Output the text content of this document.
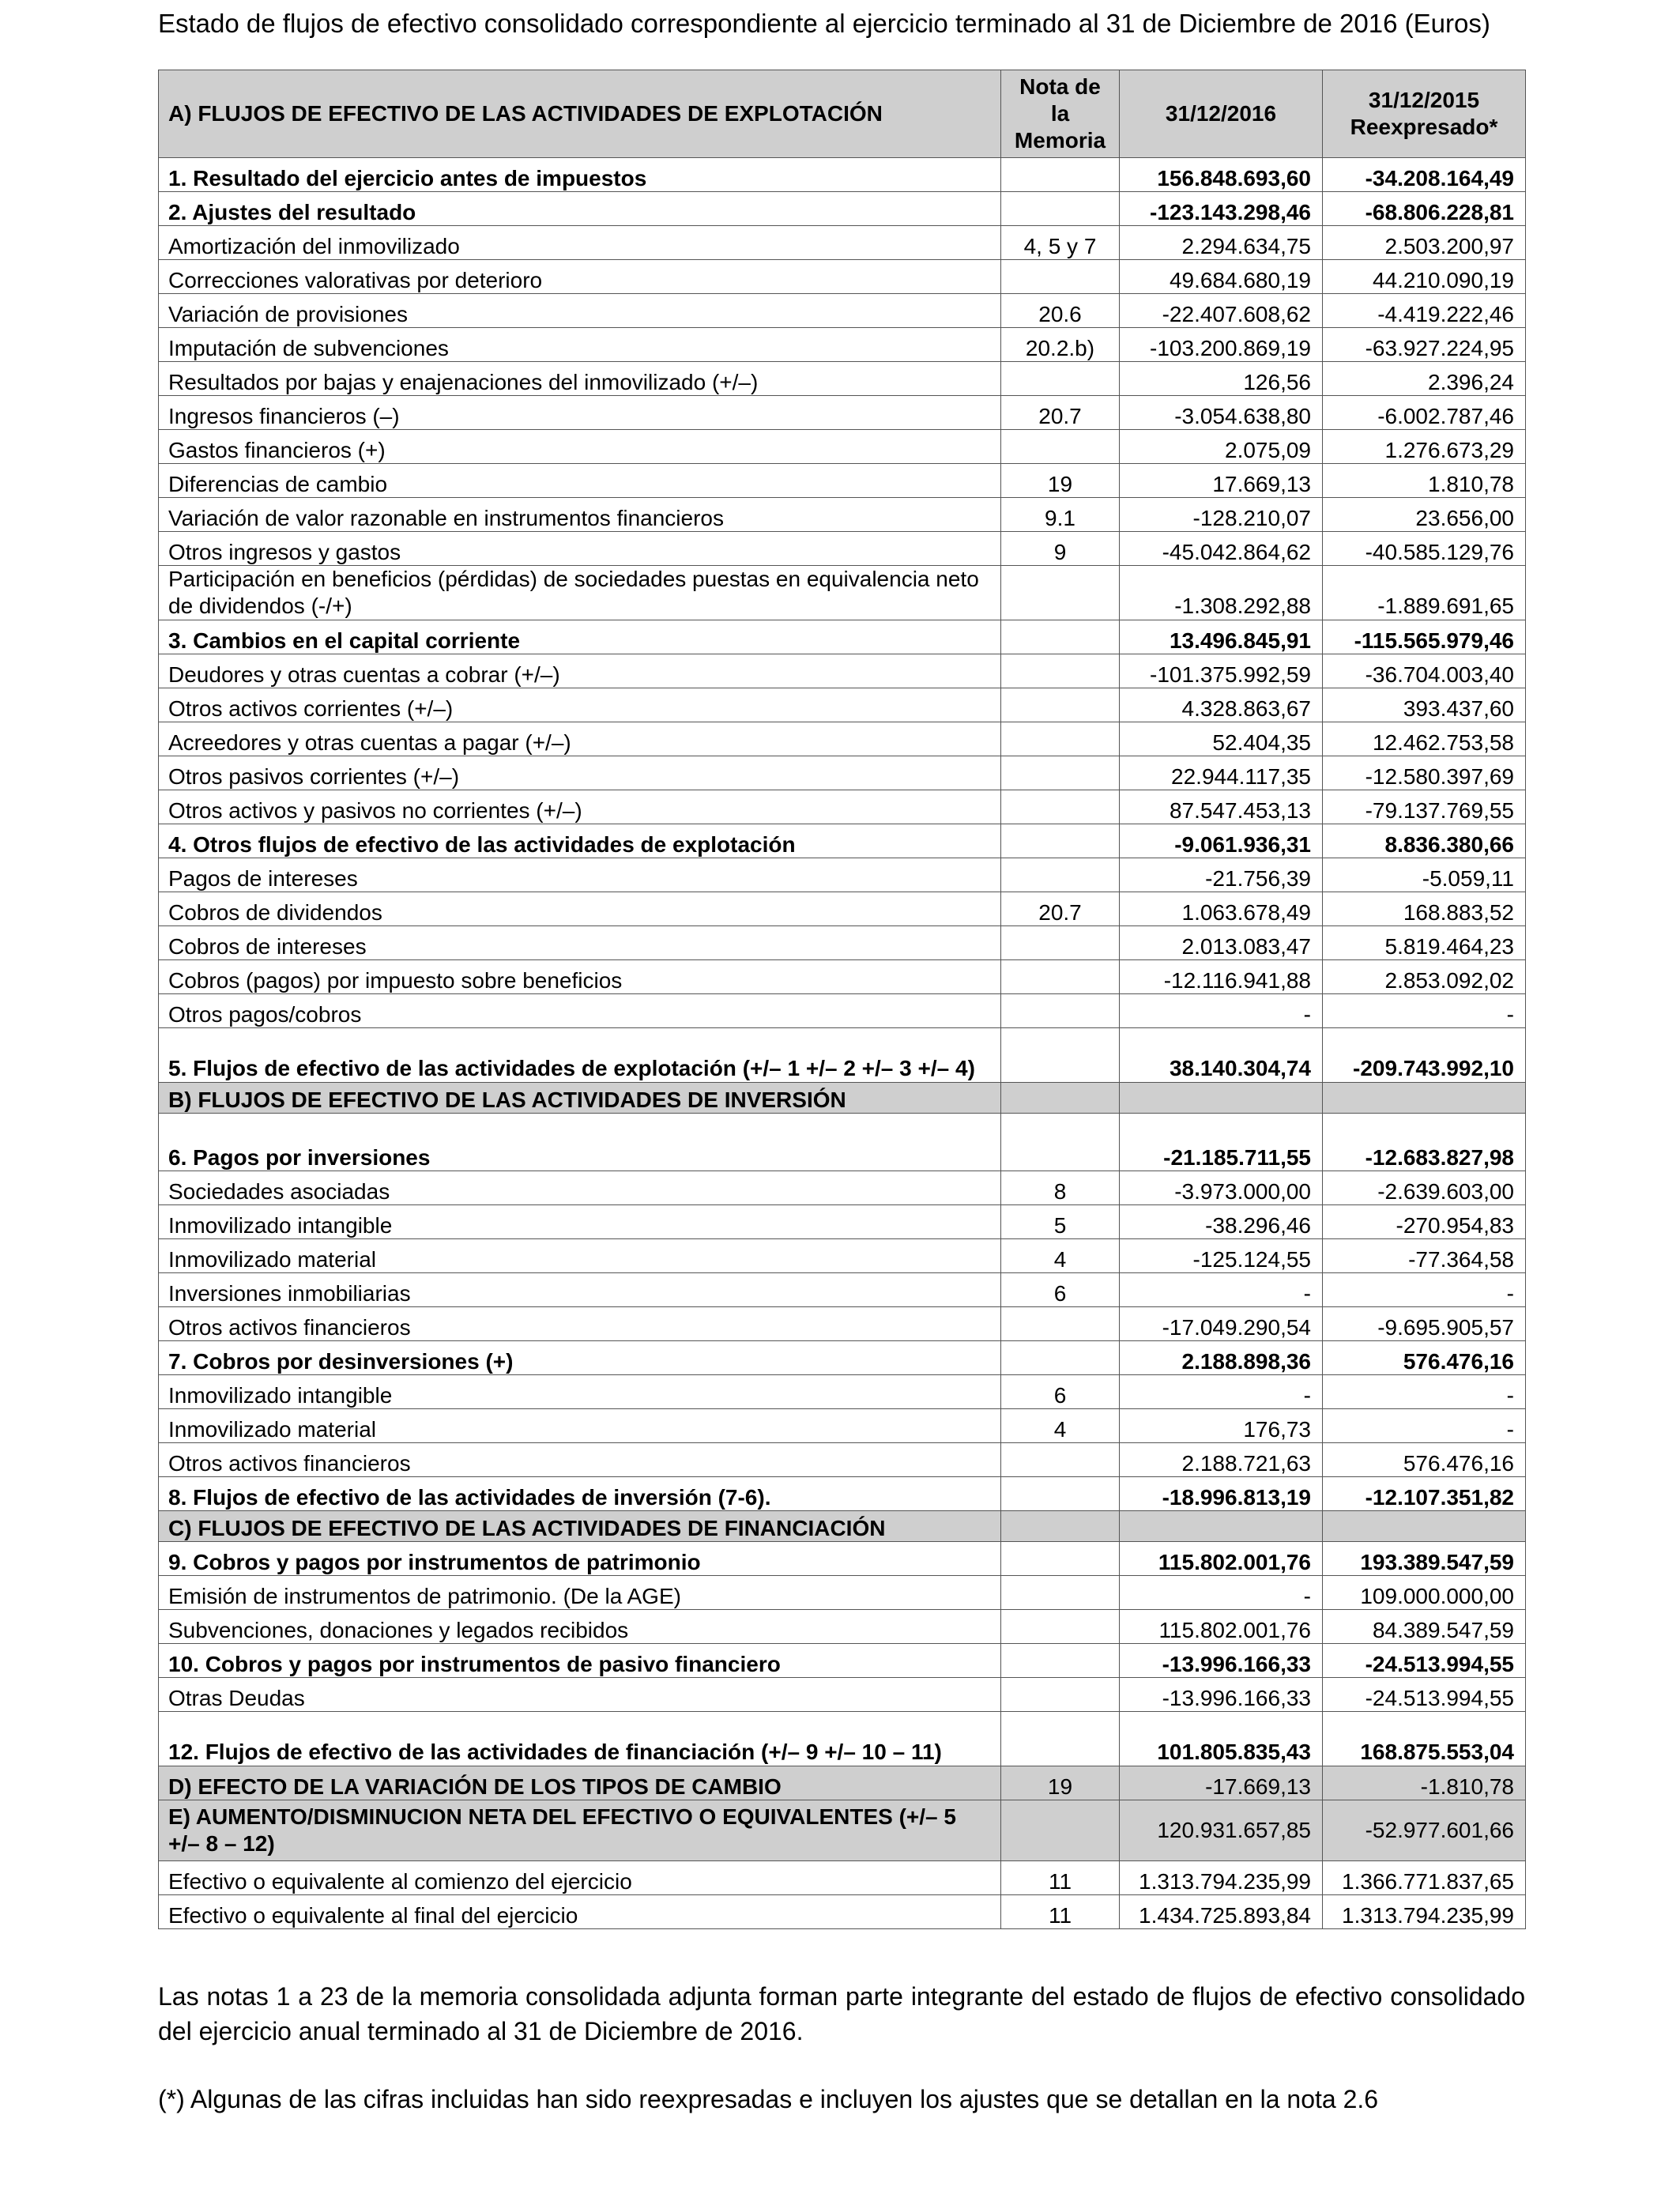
Estado de flujos de efectivo consolidado correspondiente al ejercicio terminado al 31 de Diciembre de 2016 (Euros)
A) FLUJOS DE EFECTIVO DE LAS ACTIVIDADES DE EXPLOTACIÓN	Nota de la Memoria	31/12/2016	31/12/2015 Reexpresado*
1. Resultado del ejercicio antes de impuestos		156.848.693,60	-34.208.164,49
2. Ajustes del resultado		-123.143.298,46	-68.806.228,81
Amortización del inmovilizado	4, 5 y 7	2.294.634,75	2.503.200,97
Correcciones valorativas por deterioro		49.684.680,19	44.210.090,19
Variación de provisiones	20.6	-22.407.608,62	-4.419.222,46
Imputación de subvenciones	20.2.b)	-103.200.869,19	-63.927.224,95
Resultados por bajas y enajenaciones del inmovilizado (+/–)		126,56	2.396,24
Ingresos financieros (–)	20.7	-3.054.638,80	-6.002.787,46
Gastos financieros (+)		2.075,09	1.276.673,29
Diferencias de cambio	19	17.669,13	1.810,78
Variación de valor razonable en instrumentos financieros	9.1	-128.210,07	23.656,00
Otros ingresos y gastos	9	-45.042.864,62	-40.585.129,76
Participación en beneficios (pérdidas) de sociedades puestas en equivalencia neto de dividendos (-/+)		-1.308.292,88	-1.889.691,65
3. Cambios en el capital corriente		13.496.845,91	-115.565.979,46
Deudores y otras cuentas a cobrar (+/–)		-101.375.992,59	-36.704.003,40
Otros activos corrientes (+/–)		4.328.863,67	393.437,60
Acreedores y otras cuentas a pagar (+/–)		52.404,35	12.462.753,58
Otros pasivos corrientes (+/–)		22.944.117,35	-12.580.397,69
Otros activos y pasivos no corrientes (+/–)		87.547.453,13	-79.137.769,55
4. Otros flujos de efectivo de las actividades de explotación		-9.061.936,31	8.836.380,66
Pagos de intereses		-21.756,39	-5.059,11
Cobros de dividendos	20.7	1.063.678,49	168.883,52
Cobros de intereses		2.013.083,47	5.819.464,23
Cobros (pagos) por impuesto sobre beneficios		-12.116.941,88	2.853.092,02
Otros pagos/cobros		-	-
5. Flujos de efectivo de las actividades de explotación (+/– 1 +/– 2 +/– 3 +/– 4)		38.140.304,74	-209.743.992,10
B) FLUJOS DE EFECTIVO DE LAS ACTIVIDADES DE INVERSIÓN			
6. Pagos por inversiones		-21.185.711,55	-12.683.827,98
Sociedades asociadas	8	-3.973.000,00	-2.639.603,00
Inmovilizado intangible	5	-38.296,46	-270.954,83
Inmovilizado material	4	-125.124,55	-77.364,58
Inversiones inmobiliarias	6	-	-
Otros activos financieros		-17.049.290,54	-9.695.905,57
7. Cobros por desinversiones (+)		2.188.898,36	576.476,16
Inmovilizado intangible	6	-	-
Inmovilizado material	4	176,73	-
Otros activos financieros		2.188.721,63	576.476,16
8. Flujos de efectivo de las actividades de inversión (7-6).		-18.996.813,19	-12.107.351,82
C) FLUJOS DE EFECTIVO DE LAS ACTIVIDADES DE FINANCIACIÓN			
9. Cobros y pagos por instrumentos de patrimonio		115.802.001,76	193.389.547,59
Emisión de instrumentos de patrimonio. (De la AGE)		-	109.000.000,00
Subvenciones, donaciones y legados recibidos		115.802.001,76	84.389.547,59
10. Cobros y pagos por instrumentos de pasivo financiero		-13.996.166,33	-24.513.994,55
Otras Deudas		-13.996.166,33	-24.513.994,55
12. Flujos de efectivo de las actividades de financiación (+/– 9 +/– 10 – 11)		101.805.835,43	168.875.553,04
D) EFECTO DE LA VARIACIÓN DE LOS TIPOS DE CAMBIO	19	-17.669,13	-1.810,78
E) AUMENTO/DISMINUCION NETA DEL EFECTIVO O EQUIVALENTES (+/– 5 +/– 8 – 12)		120.931.657,85	-52.977.601,66
Efectivo o equivalente al comienzo del ejercicio	11	1.313.794.235,99	1.366.771.837,65
Efectivo o equivalente al final del ejercicio	11	1.434.725.893,84	1.313.794.235,99
Las notas 1 a 23 de la memoria consolidada adjunta forman parte integrante del estado de flujos de efectivo consolidado del ejercicio anual terminado al 31 de Diciembre de 2016.
(*) Algunas de las cifras incluidas han sido reexpresadas e incluyen los ajustes que se detallan en la nota 2.6
